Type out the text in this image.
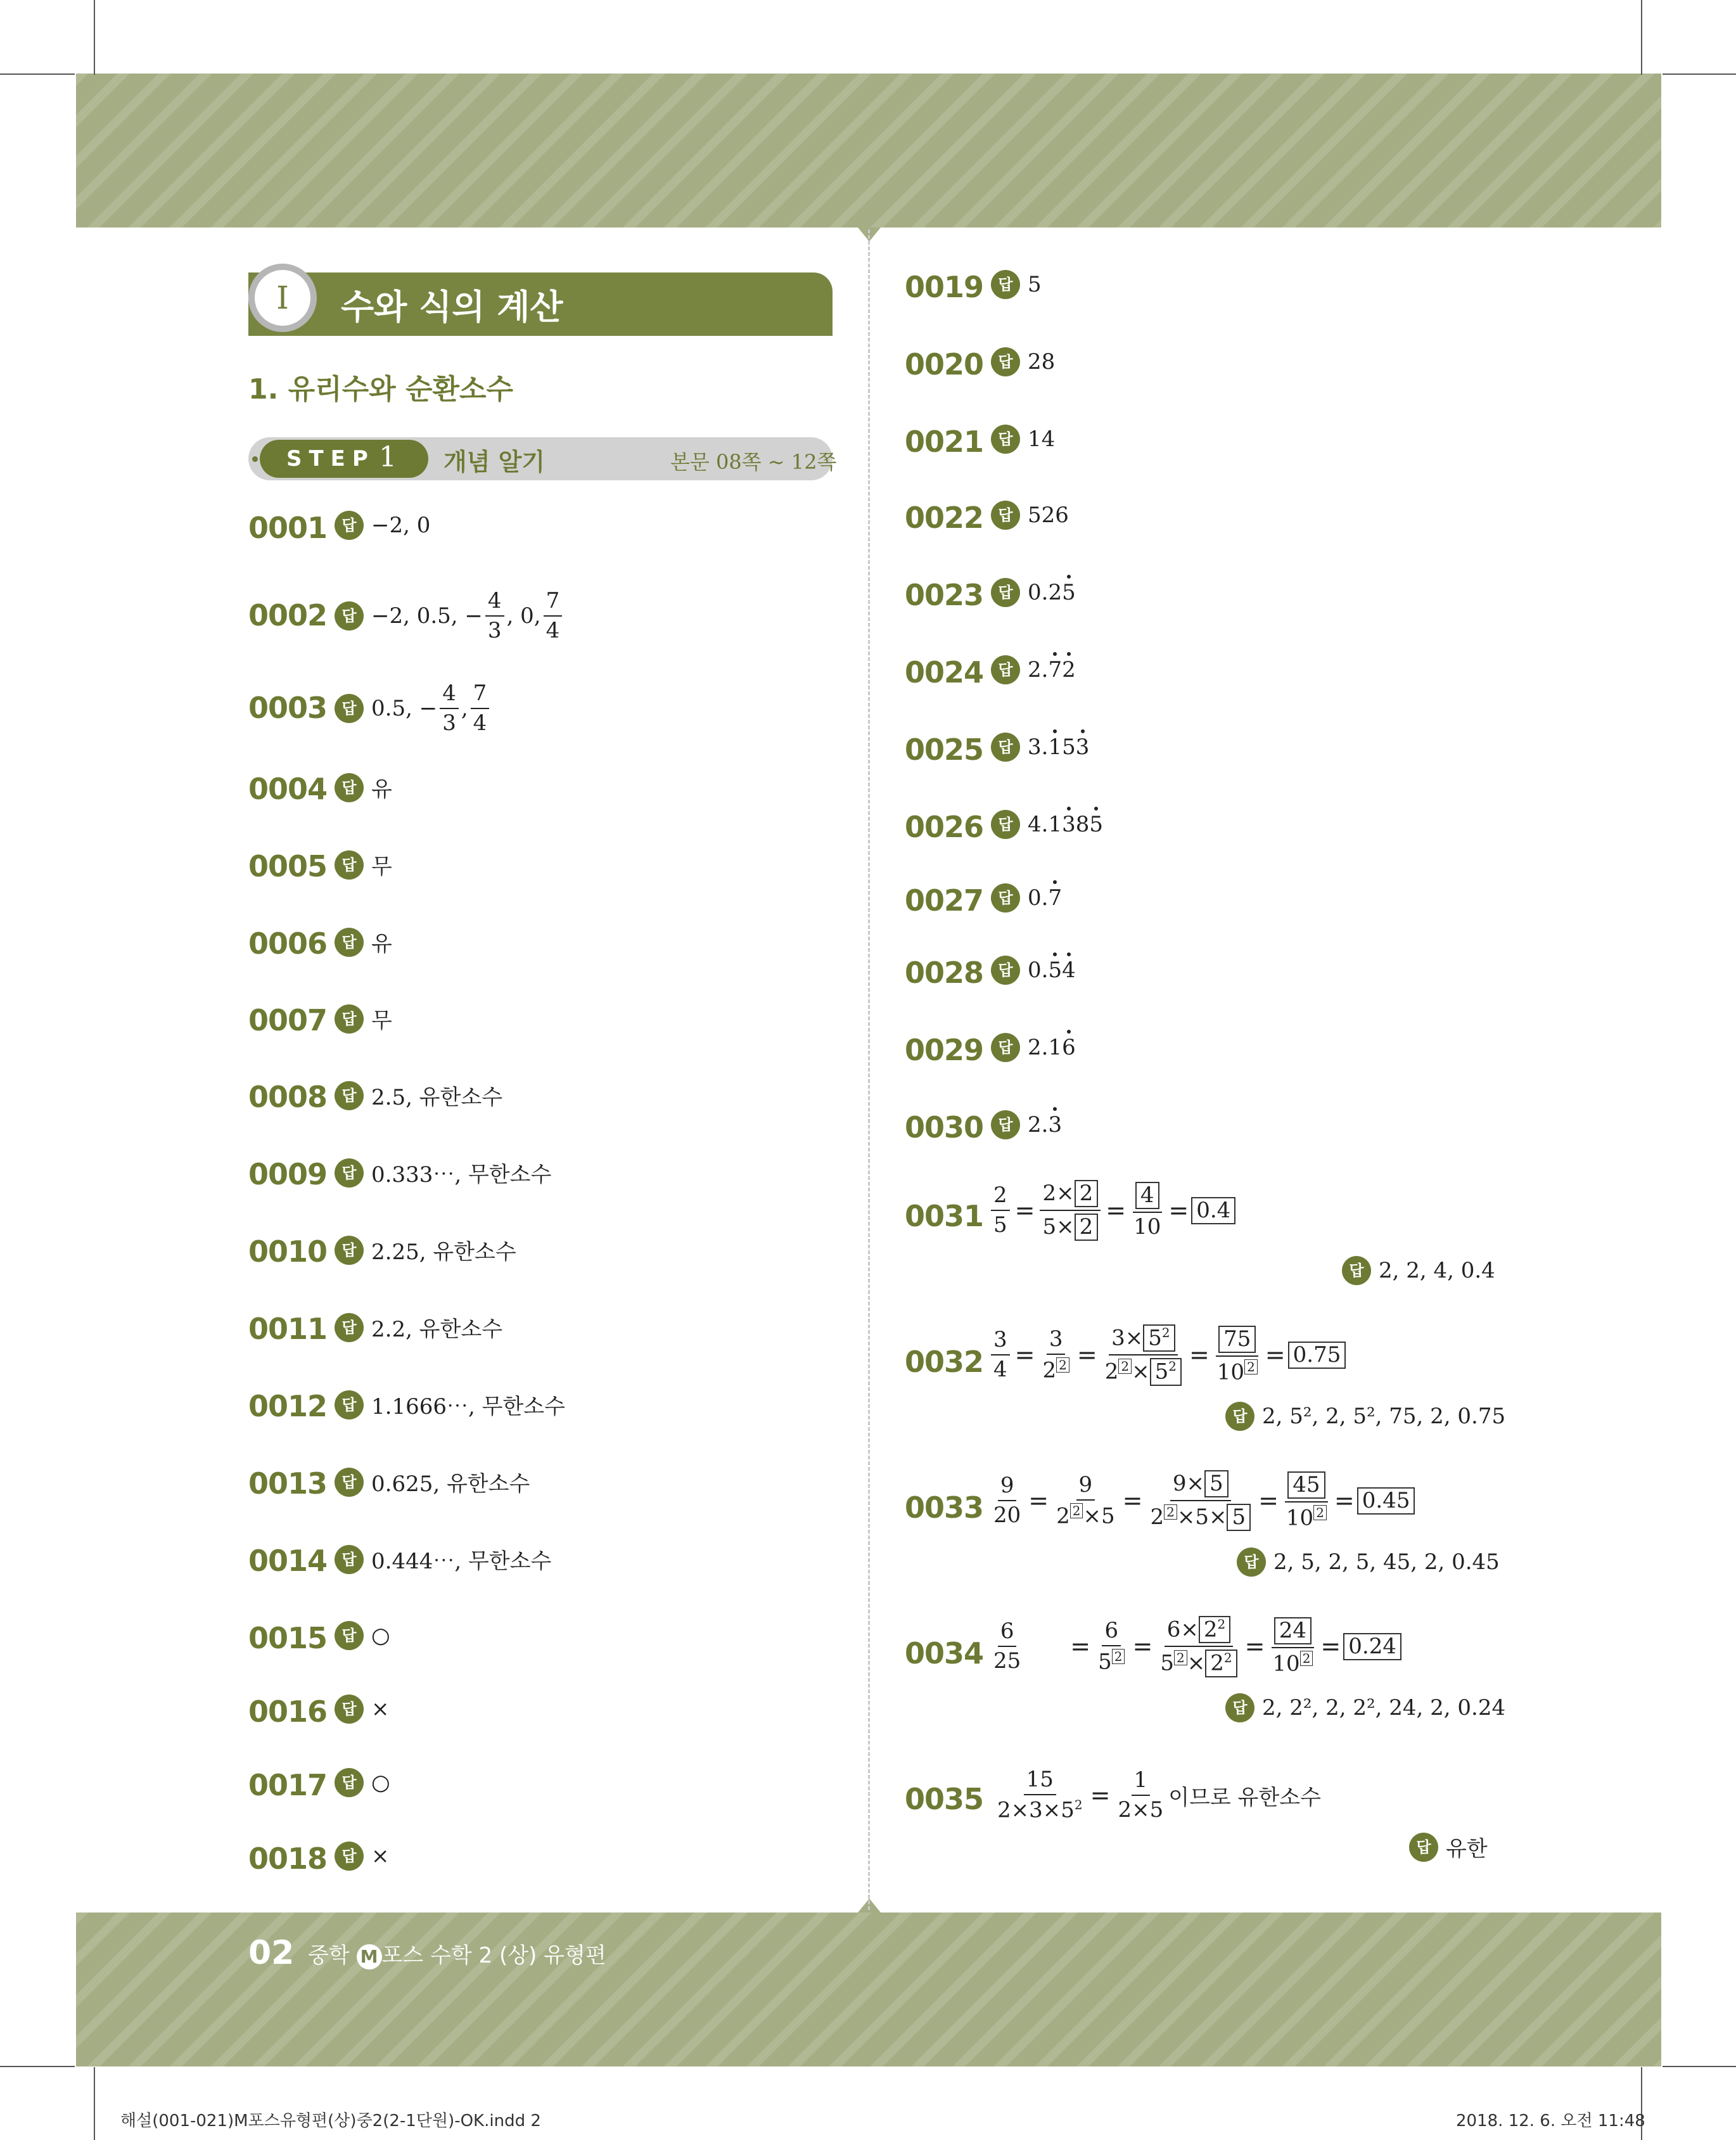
I	수와 식의 계산
1. 유리수와 순환소수
STEP 1 개념 알기	본문 08쪽 ~ 12쪽
0001 답 −2, 0
0002 답 −2, 0.5, − $\frac{4}{3}$ , 0, $\frac{7}{4}$
0003 답 0.5, − $\frac{4}{3}$ , $\frac{7}{4}$
0004 답 유
0005 답 무
0006 답 유
0007 답 무
0008 답 2.5, 유한소수
0009 답 0.333⋯, 무한소수
0010 답 2.25, 유한소수
0011 답 2.2, 유한소수
0012 답 1.1666⋯, 무한소수
0013 답 0.625, 유한소수
0014 답 0.444⋯, 무한소수
0015 답 ○
0016 답 ×
0017 답 ○
0018 답 ×
0019 답 5
0020 답 28
0021 답 14
0022 답 526
0023 답 0.2 5
0024 답 2. 7 2
0025 답 3. 1 5 3
0026 답 4.1 3 8 5
0027 답 0. 7
0028 답 0. 5 4
0029 답 2.1 6
0030 답 2. 3
$0031 \frac{2}{5} = \frac{2\times 2}{5\times 2} = \frac{4}{10} = 0.4$
답 2, 2, 4, 0.4
$0032 \frac{3}{4} = \frac{3}{2 2} = \frac{3\times 5^2}{2 2 \times 5^2} = \frac{75}{10 2} = 0.75$
답 2, 5², 2, 5², 75, 2, 0.75
$0033 \frac{9}{20} = \frac{9}{2 2 \times 5} = \frac{9\times 5}{2 2 \times 5\times 5} = \frac{45}{10 2} = 0.45$
답 2, 5, 2, 5, 45, 2, 0.45
$0034 \frac{6}{25} = \frac{6}{5 2} = \frac{6\times 2^2}{5 2 \times 2^2} = \frac{24}{10 2} = 0.24$
답 2, 2², 2, 2², 24, 2, 0.24
$0035 \frac{15}{2\times 3\times 5^2} = \frac{1}{2\times 5}$ 이므로 유한소수
답 유한
02 중학 M 포스 수학 2 (상) 유형편
해설(001-021)M포스유형편(상)중2(2-1단원)-OK.indd 2	2018. 12. 6. 오전 11:48
